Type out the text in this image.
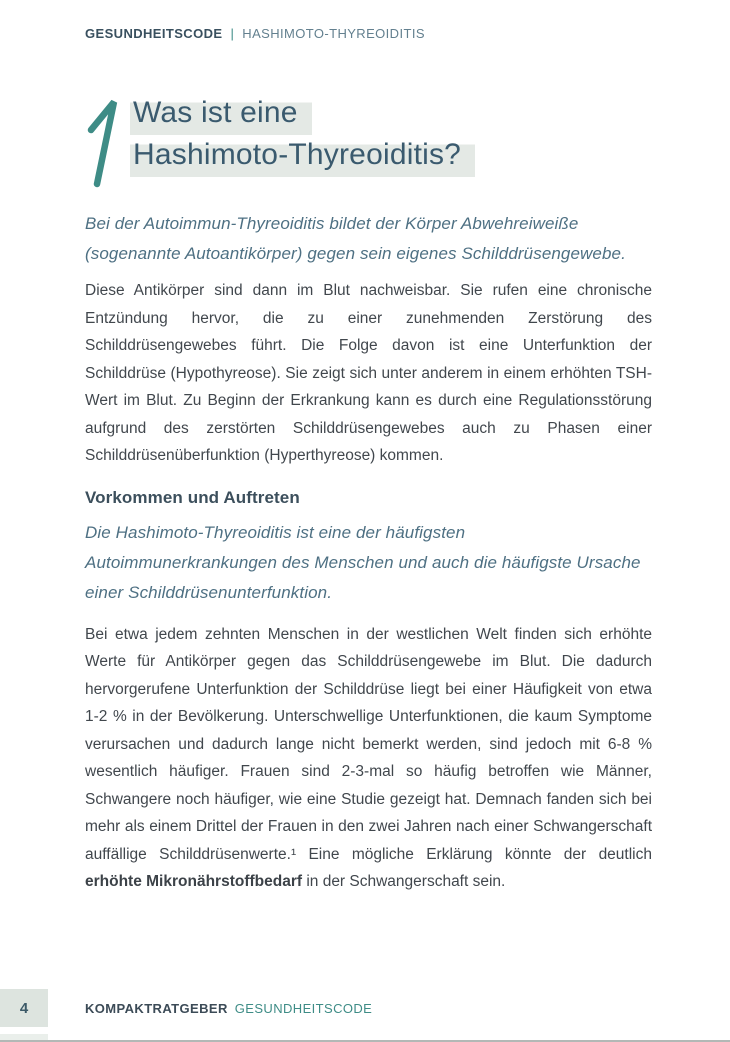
GESUNDHEITSCODE | HASHIMOTO-THYREOIDITIS
Was ist eine
Hashimoto-Thyreoiditis?

Bei der Autoimmun-Thyreoiditis bildet der Körper Abwehreiweiße (sogenannte Autoantikörper) gegen sein eigenes Schilddrüsengewebe.

Diese Antikörper sind dann im Blut nachweisbar. Sie rufen eine chronische Entzündung hervor, die zu einer zunehmenden Zerstörung des Schilddrüsengewebes führt. Die Folge davon ist eine Unterfunktion der Schilddrüse (Hypothyreose). Sie zeigt sich unter anderem in einem erhöhten TSH-Wert im Blut. Zu Beginn der Erkrankung kann es durch eine Regulationsstörung aufgrund des zerstörten Schilddrüsengewebes auch zu Phasen einer Schilddrüsenüberfunktion (Hyperthyreose) kommen.

Vorkommen und Auftreten

Die Hashimoto-Thyreoiditis ist eine der häufigsten Autoimmunerkrankungen des Menschen und auch die häufigste Ursache einer Schilddrüsenunterfunktion.

Bei etwa jedem zehnten Menschen in der westlichen Welt finden sich erhöhte Werte für Antikörper gegen das Schilddrüsengewebe im Blut. Die dadurch hervorgerufene Unterfunktion der Schilddrüse liegt bei einer Häufigkeit von etwa 1-2 % in der Bevölkerung. Unterschwellige Unterfunktionen, die kaum Symptome verursachen und dadurch lange nicht bemerkt werden, sind jedoch mit 6-8 % wesentlich häufiger. Frauen sind 2-3-mal so häufig betroffen wie Männer, Schwangere noch häufiger, wie eine Studie gezeigt hat. Demnach fanden sich bei mehr als einem Drittel der Frauen in den zwei Jahren nach einer Schwangerschaft auffällige Schilddrüsenwerte.¹ Eine mögliche Erklärung könnte der deutlich erhöhte Mikronährstoffbedarf in der Schwangerschaft sein.

4	KOMPAKTRATGEBER GESUNDHEITSCODE
